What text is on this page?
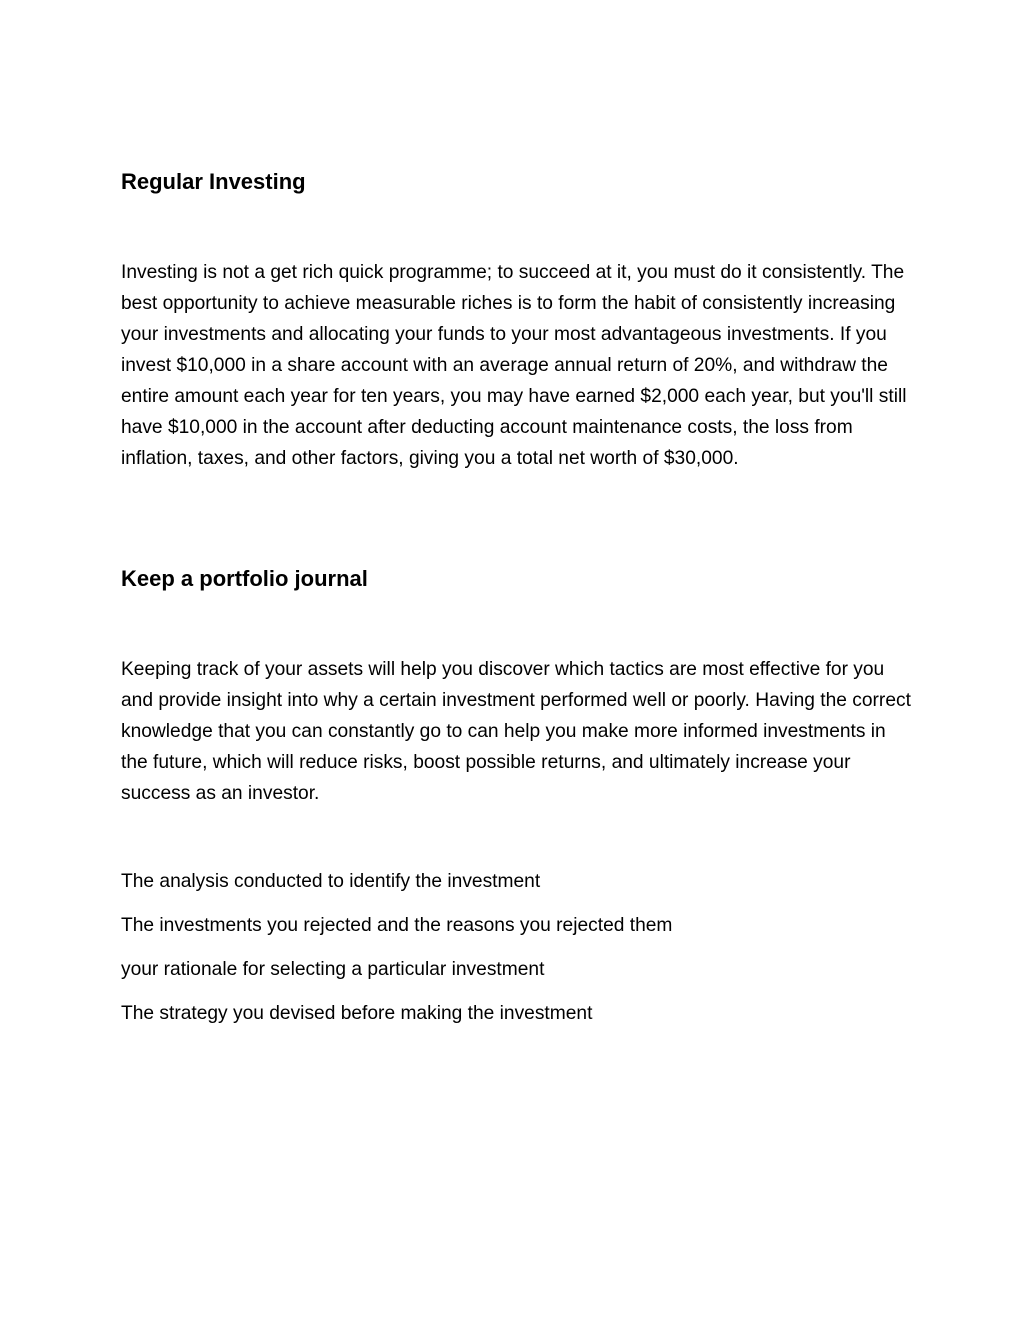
Regular Investing

Investing is not a get rich quick programme; to succeed at it, you must do it consistently. The best opportunity to achieve measurable riches is to form the habit of consistently increasing your investments and allocating your funds to your most advantageous investments. If you invest $10,000 in a share account with an average annual return of 20%, and withdraw the entire amount each year for ten years, you may have earned $2,000 each year, but you'll still have $10,000 in the account after deducting account maintenance costs, the loss from inflation, taxes, and other factors, giving you a total net worth of $30,000.

Keep a portfolio journal

Keeping track of your assets will help you discover which tactics are most effective for you and provide insight into why a certain investment performed well or poorly. Having the correct knowledge that you can constantly go to can help you make more informed investments in the future, which will reduce risks, boost possible returns, and ultimately increase your success as an investor.

The analysis conducted to identify the investment

The investments you rejected and the reasons you rejected them

your rationale for selecting a particular investment

The strategy you devised before making the investment
